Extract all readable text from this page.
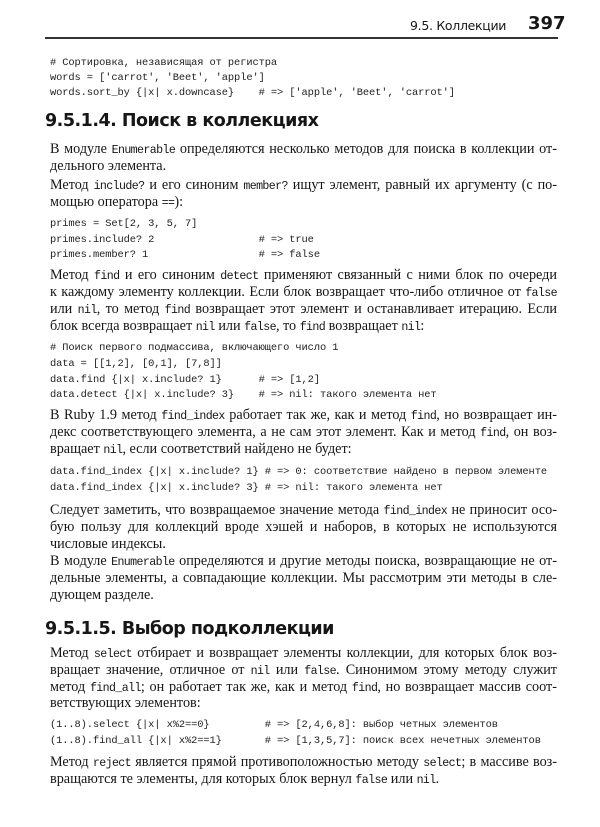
9.5. Коллекции 397
# Сортировка, независящая от регистра
words = ['carrot', 'Beet', 'apple']
words.sort_by {|x| x.downcase}    # => ['apple', 'Beet', 'carrot']
9.5.1.4. Поиск в коллекциях
В модуле Enumerable определяются несколько методов для поиска в коллекции от-
дельного элемента.
Метод include? и его синоним member? ищут элемент, равный их аргументу (с по-
мощью оператора ==):
primes = Set[2, 3, 5, 7]
primes.include? 2                 # => true
primes.member? 1                  # => false
Метод find и его синоним detect применяют связанный с ними блок по очереди
к каждому элементу коллекции. Если блок возвращает что-либо отличное от false
или nil, то метод find возвращает этот элемент и останавливает итерацию. Если
блок всегда возвращает nil или false, то find возвращает nil:
# Поиск первого подмассива, включающего число 1
data = [[1,2], [0,1], [7,8]]
data.find {|x| x.include? 1}      # => [1,2]
data.detect {|x| x.include? 3}    # => nil: такого элемента нет
В Ruby 1.9 метод find_index работает так же, как и метод find, но возвращает ин-
декс соответствующего элемента, а не сам этот элемент. Как и метод find, он воз-
вращает nil, если соответствий найдено не будет:
data.find_index {|x| x.include? 1} # => 0: соответствие найдено в первом элементе
data.find_index {|x| x.include? 3} # => nil: такого элемента нет
Следует заметить, что возвращаемое значение метода find_index не приносит осо-
бую пользу для коллекций вроде хэшей и наборов, в которых не используются
числовые индексы.
В модуле Enumerable определяются и другие методы поиска, возвращающие не от-
дельные элементы, а совпадающие коллекции. Мы рассмотрим эти методы в сле-
дующем разделе.
9.5.1.5. Выбор подколлекции
Метод select отбирает и возвращает элементы коллекции, для которых блок воз-
вращает значение, отличное от nil или false. Синонимом этому методу служит
метод find_all; он работает так же, как и метод find, но возвращает массив соот-
ветствующих элементов:
(1..8).select {|x| x%2==0}         # => [2,4,6,8]: выбор четных элементов
(1..8).find_all {|x| x%2==1}       # => [1,3,5,7]: поиск всех нечетных элементов
Метод reject является прямой противоположностью методу select; в массиве воз-
вращаются те элементы, для которых блок вернул false или nil.
